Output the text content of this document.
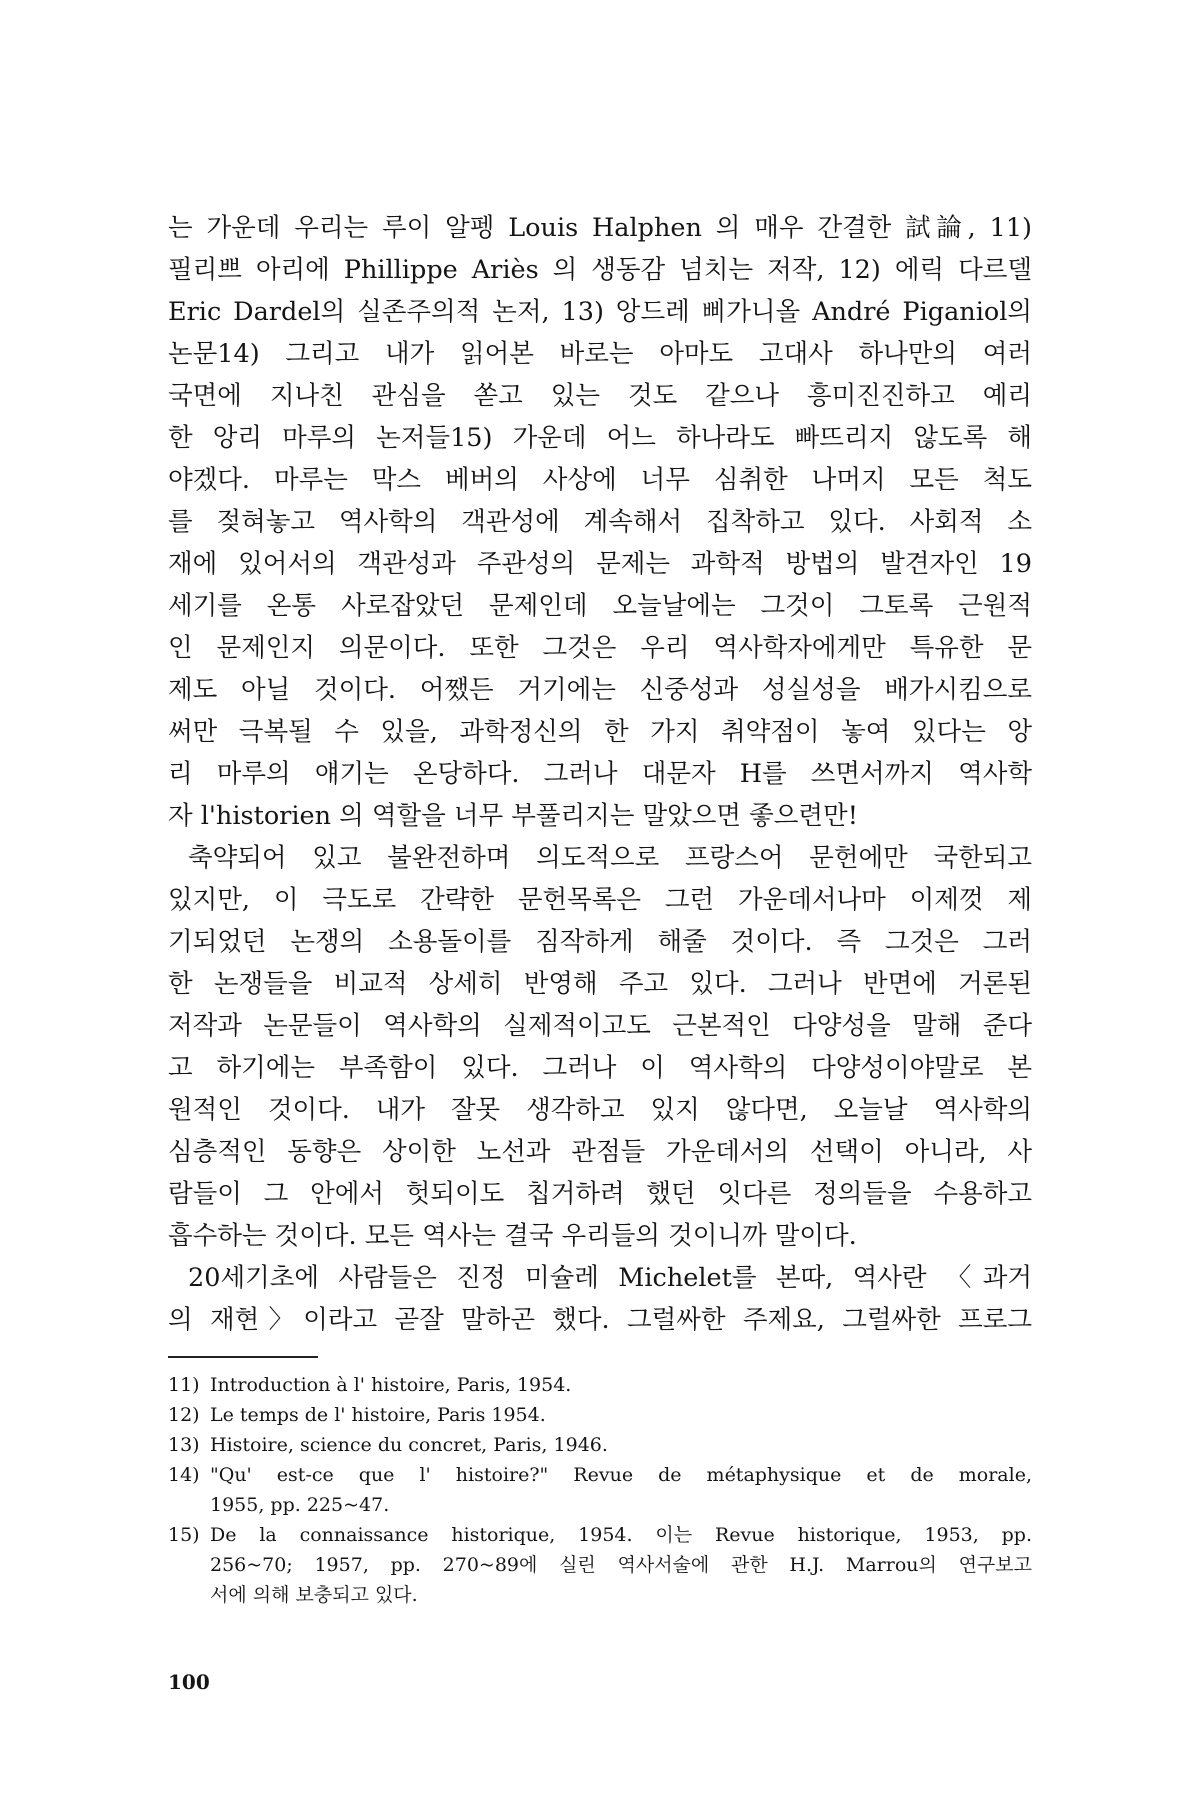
는 가운데 우리는 루이 알펭 Louis Halphen 의 매우 간결한 試論, 11)
필리쁘 아리에 Phillippe Ariès 의 생동감 넘치는 저작, 12) 에릭 다르델
Eric Dardel의 실존주의적 논저, 13) 앙드레 삐가니올 André Piganiol의
논문14) 그리고 내가 읽어본 바로는 아마도 고대사 하나만의 여러
국면에 지나친 관심을 쏟고 있는 것도 같으나 흥미진진하고 예리
한 앙리 마루의 논저들15) 가운데 어느 하나라도 빠뜨리지 않도록 해
야겠다. 마루는 막스 베버의 사상에 너무 심취한 나머지 모든 척도
를 젖혀놓고 역사학의 객관성에 계속해서 집착하고 있다. 사회적 소
재에 있어서의 객관성과 주관성의 문제는 과학적 방법의 발견자인 19
세기를 온통 사로잡았던 문제인데 오늘날에는 그것이 그토록 근원적
인 문제인지 의문이다. 또한 그것은 우리 역사학자에게만 특유한 문
제도 아닐 것이다. 어쨌든 거기에는 신중성과 성실성을 배가시킴으로
써만 극복될 수 있을, 과학정신의 한 가지 취약점이 놓여 있다는 앙
리 마루의 얘기는 온당하다. 그러나 대문자 H를 쓰면서까지 역사학
자 l'historien 의 역할을 너무 부풀리지는 말았으면 좋으련만!
축약되어 있고 불완전하며 의도적으로 프랑스어 문헌에만 국한되고
있지만, 이 극도로 간략한 문헌목록은 그런 가운데서나마 이제껏 제
기되었던 논쟁의 소용돌이를 짐작하게 해줄 것이다. 즉 그것은 그러
한 논쟁들을 비교적 상세히 반영해 주고 있다. 그러나 반면에 거론된
저작과 논문들이 역사학의 실제적이고도 근본적인 다양성을 말해 준다
고 하기에는 부족함이 있다. 그러나 이 역사학의 다양성이야말로 본
원적인 것이다. 내가 잘못 생각하고 있지 않다면, 오늘날 역사학의
심층적인 동향은 상이한 노선과 관점들 가운데서의 선택이 아니라, 사
람들이 그 안에서 헛되이도 칩거하려 했던 잇다른 정의들을 수용하고
흡수하는 것이다. 모든 역사는 결국 우리들의 것이니까 말이다.
20세기초에 사람들은 진정 미슐레 Michelet를 본따, 역사란 〈과거
의 재현〉이라고 곧잘 말하곤 했다. 그럴싸한 주제요, 그럴싸한 프로그
11) Introduction à l' histoire, Paris, 1954.
12) Le temps de l' histoire, Paris 1954.
13) Histoire, science du concret, Paris, 1946.
14) "Qu' est-ce que l' histoire?" Revue de métaphysique et de morale,
1955, pp. 225~47.
15) De la connaissance historique, 1954. 이는 Revue historique, 1953, pp.
256~70; 1957, pp. 270~89에 실린 역사서술에 관한 H.J. Marrou의 연구보고
서에 의해 보충되고 있다.
100
